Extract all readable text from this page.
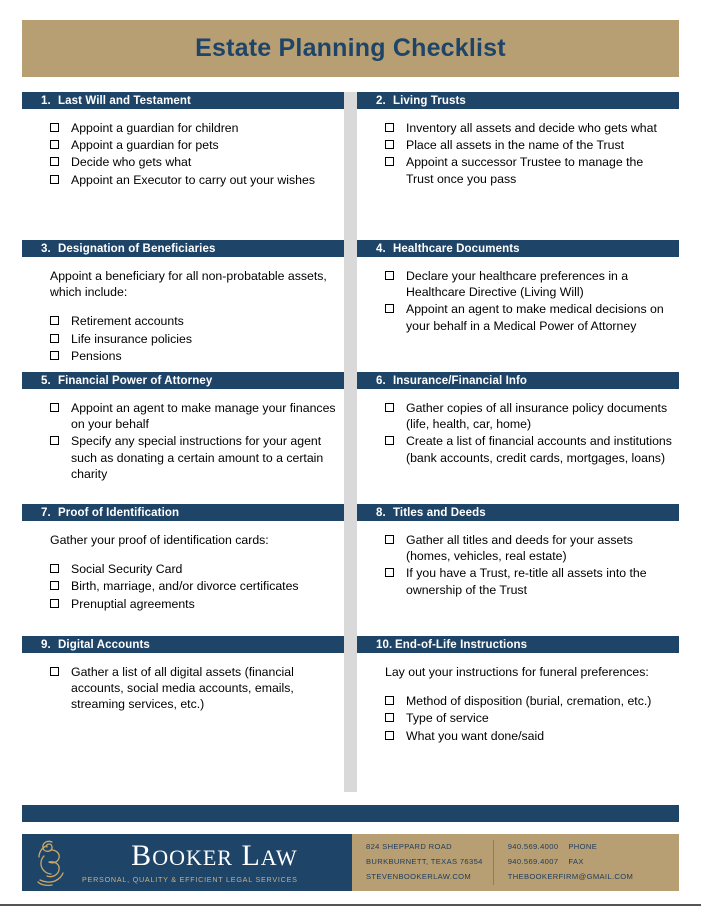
Estate Planning Checklist
1. Last Will and Testament
Appoint a guardian for children
Appoint a guardian for pets
Decide who gets what
Appoint an Executor to carry out your wishes
3. Designation of Beneficiaries

Appoint a beneficiary for all non-probatable assets, which include:

Retirement accounts
Life insurance policies
Pensions
5. Financial Power of Attorney
Appoint an agent to make manage your finances on your behalf
Specify any special instructions for your agent such as donating a certain amount to a certain charity
7. Proof of Identification

Gather your proof of identification cards:

Social Security Card
Birth, marriage, and/or divorce certificates
Prenuptial agreements
9. Digital Accounts
Gather a list of all digital assets (financial accounts, social media accounts, emails, streaming services, etc.)
2. Living Trusts
Inventory all assets and decide who gets what
Place all assets in the name of the Trust
Appoint a successor Trustee to manage the Trust once you pass
4. Healthcare Documents
Declare your healthcare preferences in a Healthcare Directive (Living Will)
Appoint an agent to make medical decisions on your behalf in a Medical Power of Attorney
6. Insurance/Financial Info
Gather copies of all insurance policy documents (life, health, car, home)
Create a list of financial accounts and institutions (bank accounts, credit cards, mortgages, loans)
8. Titles and Deeds
Gather all titles and deeds for your assets (homes, vehicles, real estate)
If you have a Trust, re-title all assets into the ownership of the Trust
10. End-of-Life Instructions

Lay out your instructions for funeral preferences:

Method of disposition (burial, cremation, etc.)
Type of service
What you want done/said
BOOKER LAW
PERSONAL, QUALITY & EFFICIENT LEGAL SERVICES
824 SHEPPARD ROAD
BURKBURNETT, TEXAS 76354
STEVENBOOKERLAW.COM
940.569.4000 PHONE
940.569.4007 FAX
THEBOOKERFIRM@GMAIL.COM
